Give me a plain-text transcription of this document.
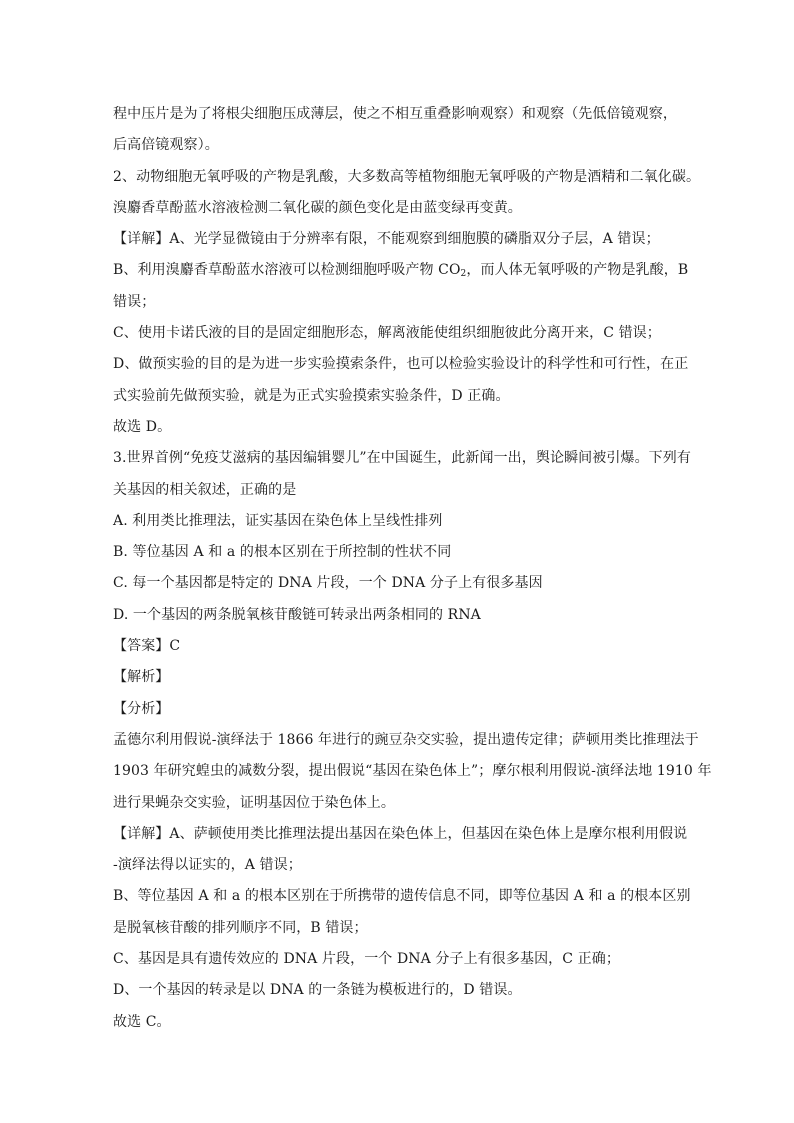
程中压片是为了将根尖细胞压成薄层，使之不相互重叠影响观察）和观察（先低倍镜观察，
后高倍镜观察）。
2、动物细胞无氧呼吸的产物是乳酸，大多数高等植物细胞无氧呼吸的产物是酒精和二氧化碳。
溴麝香草酚蓝水溶液检测二氧化碳的颜色变化是由蓝变绿再变黄。
【详解】A、光学显微镜由于分辨率有限，不能观察到细胞膜的磷脂双分子层，A 错误；
B、利用溴麝香草酚蓝水溶液可以检测细胞呼吸产物 $CO_2$，而人体无氧呼吸的产物是乳酸，B
错误；
C、使用卡诺氏液的目的是固定细胞形态，解离液能使组织细胞彼此分离开来，C 错误；
D、做预实验的目的是为进一步实验摸索条件，也可以检验实验设计的科学性和可行性，在正
式实验前先做预实验，就是为正式实验摸索实验条件，D 正确。
故选 D。
3.世界首例“免疫艾滋病的基因编辑婴儿”在中国诞生，此新闻一出，舆论瞬间被引爆。下列有
关基因的相关叙述，正确的是
A. 利用类比推理法，证实基因在染色体上呈线性排列
B. 等位基因 A 和 a 的根本区别在于所控制的性状不同
C. 每一个基因都是特定的 DNA 片段，一个 DNA 分子上有很多基因
D. 一个基因的两条脱氧核苷酸链可转录出两条相同的 RNA
【答案】C
【解析】
【分析】
孟德尔利用假说-演绎法于 1866 年进行的豌豆杂交实验，提出遗传定律；萨顿用类比推理法于
1903 年研究蝗虫的减数分裂，提出假说“基因在染色体上”；摩尔根利用假说-演绎法地 1910 年
进行果蝇杂交实验，证明基因位于染色体上。
【详解】A、萨顿使用类比推理法提出基因在染色体上，但基因在染色体上是摩尔根利用假说
-演绎法得以证实的，A 错误；
B、等位基因 A 和 a 的根本区别在于所携带的遗传信息不同，即等位基因 A 和 a 的根本区别
是脱氧核苷酸的排列顺序不同，B 错误；
C、基因是具有遗传效应的 DNA 片段，一个 DNA 分子上有很多基因，C 正确；
D、一个基因的转录是以 DNA 的一条链为模板进行的，D 错误。
故选 C。
